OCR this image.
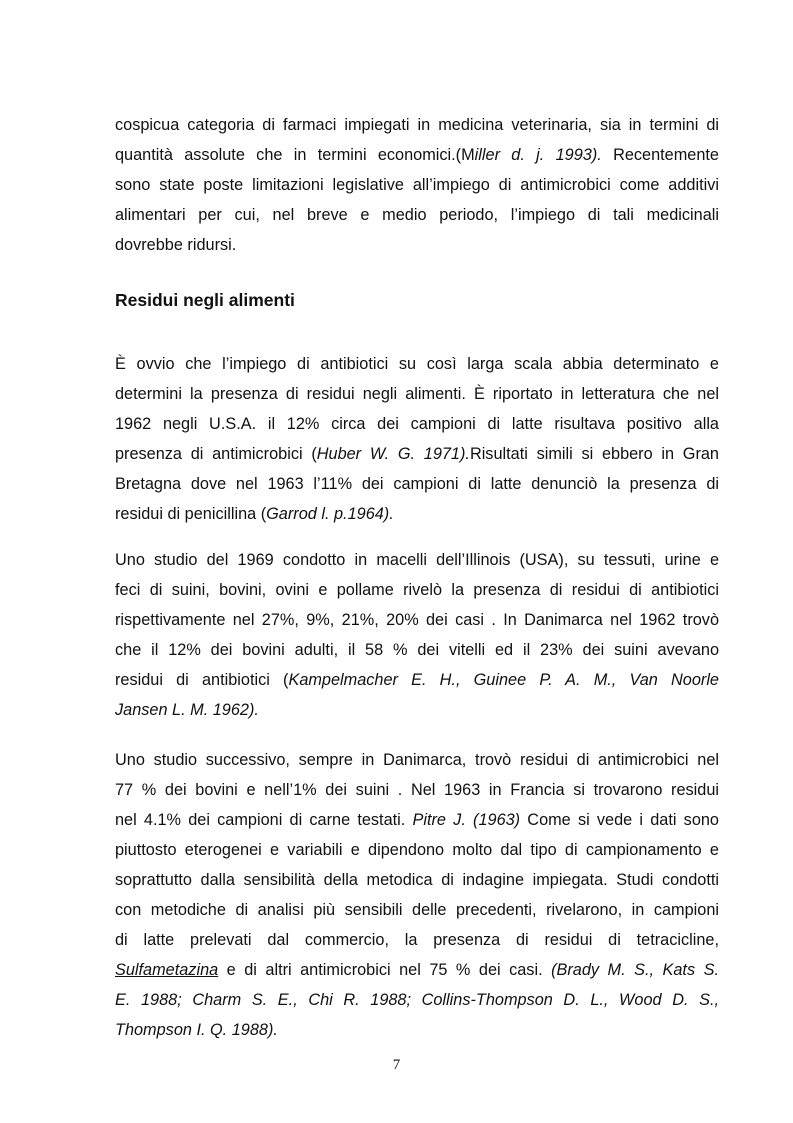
cospicua categoria di farmaci impiegati in medicina veterinaria, sia in termini di
quantità assolute che in termini economici.(Miller d. j. 1993). Recentemente
sono state poste limitazioni legislative all’impiego di antimicrobici come additivi
alimentari per cui, nel breve e medio periodo, l’impiego di tali medicinali
dovrebbe ridursi.

Residui negli alimenti

È ovvio che l’impiego di antibiotici su così larga scala abbia determinato e
determini la presenza di residui negli alimenti. È riportato in letteratura che nel
1962 negli U.S.A. il 12% circa dei campioni di latte risultava positivo alla
presenza di antimicrobici (Huber W. G. 1971).Risultati simili si ebbero in Gran
Bretagna dove nel 1963 l’11% dei campioni di latte denunciò la presenza di
residui di penicillina (Garrod l. p.1964).

Uno studio del 1969 condotto in macelli dell’Illinois (USA), su tessuti, urine e
feci di suini, bovini, ovini e pollame rivelò la presenza di residui di antibiotici
rispettivamente nel 27%, 9%, 21%, 20% dei casi . In Danimarca nel 1962 trovò
che il 12% dei bovini adulti, il 58 % dei vitelli ed il 23% dei suini avevano
residui di antibiotici (Kampelmacher E. H., Guinee P. A. M., Van Noorle
Jansen L. M. 1962).

Uno studio successivo, sempre in Danimarca, trovò residui di antimicrobici nel
77 % dei bovini e nell’1% dei suini . Nel 1963 in Francia si trovarono residui
nel 4.1% dei campioni di carne testati. Pitre J. (1963) Come si vede i dati sono
piuttosto eterogenei e variabili e dipendono molto dal tipo di campionamento e
soprattutto dalla sensibilità della metodica di indagine impiegata. Studi condotti
con metodiche di analisi più sensibili delle precedenti, rivelarono, in campioni
di latte prelevati dal commercio, la presenza di residui di tetracicline,
Sulfametazina e di altri antimicrobici nel 75 % dei casi. (Brady M. S., Kats S.
E. 1988; Charm S. E., Chi R. 1988; Collins-Thompson D. L., Wood D. S.,
Thompson I. Q. 1988).

7
